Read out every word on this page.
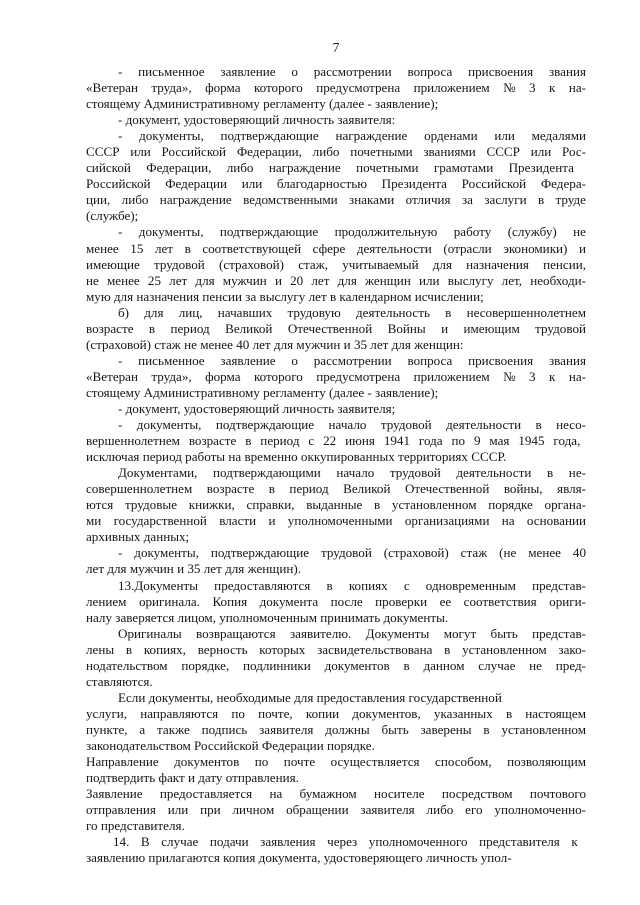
7
- письменное заявление о рассмотрении вопроса присвоения звания
«Ветеран труда», форма которого предусмотрена приложением № 3 к на-
стоящему Административному регламенту (далее - заявление);
- документ, удостоверяющий личность заявителя:
- документы, подтверждающие награждение орденами или медалями
СССР или Российской Федерации, либо почетными званиями СССР или Рос-
сийской Федерации, либо награждение почетными грамотами Президента
Российской Федерации или благодарностью Президента Российской Федера-
ции, либо награждение ведомственными знаками отличия за заслуги в труде
(службе);
- документы, подтверждающие продолжительную работу (службу) не
менее 15 лет в соответствующей сфере деятельности (отрасли экономики) и
имеющие трудовой (страховой) стаж, учитываемый для назначения пенсии,
не менее 25 лет для мужчин и 20 лет для женщин или выслугу лет, необходи-
мую для назначения пенсии за выслугу лет в календарном исчислении;
б) для лиц, начавших трудовую деятельность в несовершеннолетнем
возрасте в период Великой Отечественной Войны и имеющим трудовой
(страховой) стаж не менее 40 лет для мужчин и 35 лет для женщин:
- письменное заявление о рассмотрении вопроса присвоения звания
«Ветеран труда», форма которого предусмотрена приложением № 3 к на-
стоящему Административному регламенту (далее - заявление);
- документ, удостоверяющий личность заявителя;
- документы, подтверждающие начало трудовой деятельности в несо-
вершеннолетнем возрасте в период с 22 июня 1941 года по 9 мая 1945 года,
исключая период работы на временно оккупированных территориях СССР.
Документами, подтверждающими начало трудовой деятельности в не-
совершеннолетнем возрасте в период Великой Отечественной войны, явля-
ются трудовые книжки, справки, выданные в установленном порядке органа-
ми государственной власти и уполномоченными организациями на основании
архивных данных;
- документы, подтверждающие трудовой (страховой) стаж (не менее 40
лет для мужчин и 35 лет для женщин).
13.Документы предоставляются в копиях с одновременным представ-
лением оригинала. Копия документа после проверки ее соответствия ориги-
налу заверяется лицом, уполномоченным принимать документы.
Оригиналы возвращаются заявителю. Документы могут быть представ-
лены в копиях, верность которых засвидетельствована в установленном зако-
нодательством порядке, подлинники документов в данном случае не пред-
ставляются.
Если документы, необходимые для предоставления государственной
услуги, направляются по почте, копии документов, указанных в настоящем
пункте, а также подпись заявителя должны быть заверены в установленном
законодательством Российской Федерации порядке.
Направление документов по почте осуществляется способом, позволяющим
подтвердить факт и дату отправления.
Заявление предоставляется на бумажном носителе посредством почтового
отправления или при личном обращении заявителя либо его уполномоченно-
го представителя.
14. В случае подачи заявления через уполномоченного представителя к
заявлению прилагаются копия документа, удостоверяющего личность упол-
